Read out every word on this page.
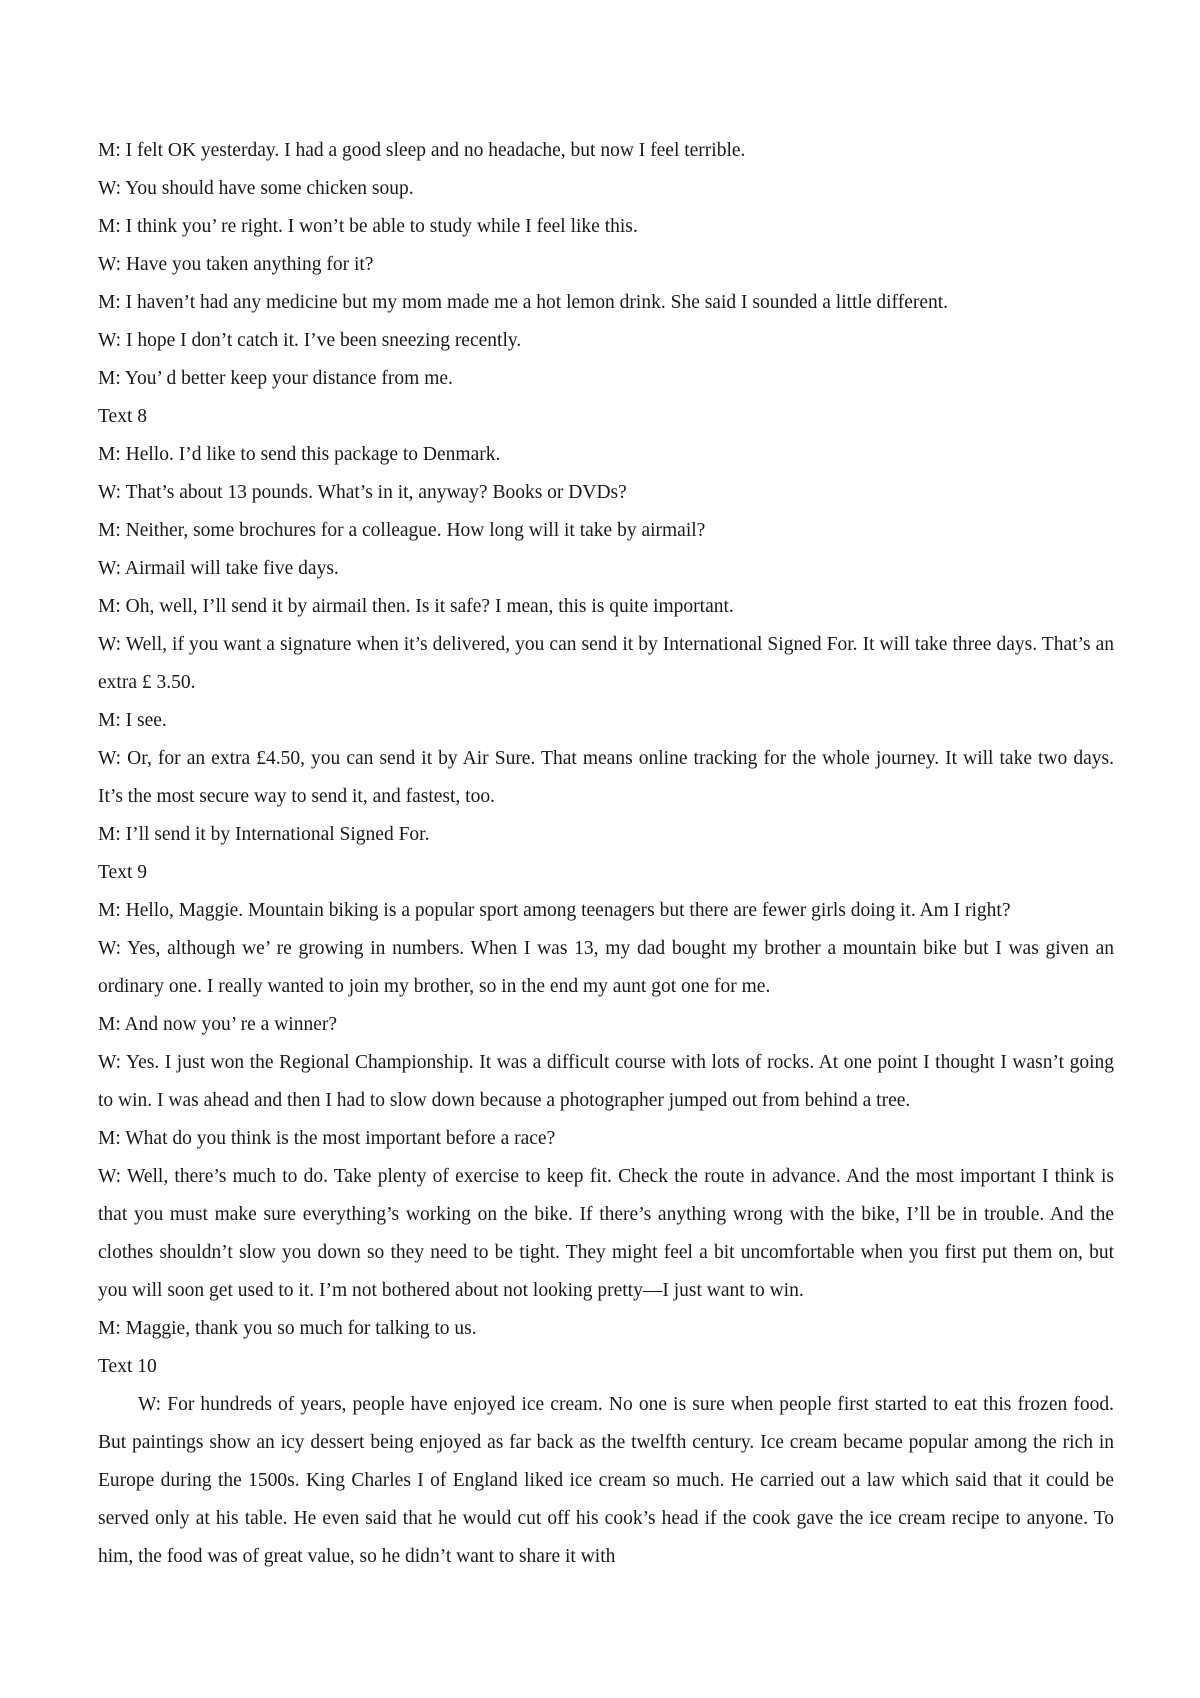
M: I felt OK yesterday. I had a good sleep and no headache, but now I feel terrible.
W: You should have some chicken soup.
M: I think you’ re right. I won’t be able to study while I feel like this.
W: Have you taken anything for it?
M: I haven’t had any medicine but my mom made me a hot lemon drink. She said I sounded a little different.
W: I hope I don’t catch it. I’ve been sneezing recently.
M: You’ d better keep your distance from me.
Text 8
M: Hello. I’d like to send this package to Denmark.
W: That’s about 13 pounds. What’s in it, anyway? Books or DVDs?
M: Neither, some brochures for a colleague. How long will it take by airmail?
W: Airmail will take five days.
M: Oh, well, I’ll send it by airmail then. Is it safe? I mean, this is quite important.

W: Well, if you want a signature when it’s delivered, you can send it by International Signed For. It will take three days. That’s an extra £ 3.50.

M: I see.

W: Or, for an extra £4.50, you can send it by Air Sure. That means online tracking for the whole journey. It will take two days. It’s the most secure way to send it, and fastest, too.

M: I’ll send it by International Signed For.
Text 9
M: Hello, Maggie. Mountain biking is a popular sport among teenagers but there are fewer girls doing it. Am I right?

W: Yes, although we’ re growing in numbers. When I was 13, my dad bought my brother a mountain bike but I was given an ordinary one. I really wanted to join my brother, so in the end my aunt got one for me.

M: And now you’ re a winner?

W: Yes. I just won the Regional Championship. It was a difficult course with lots of rocks. At one point I thought I wasn’t going to win. I was ahead and then I had to slow down because a photographer jumped out from behind a tree.

M: What do you think is the most important before a race?

W: Well, there’s much to do. Take plenty of exercise to keep fit. Check the route in advance. And the most important I think is that you must make sure everything’s working on the bike. If there’s anything wrong with the bike, I’ll be in trouble. And the clothes shouldn’t slow you down so they need to be tight. They might feel a bit uncomfortable when you first put them on, but you will soon get used to it. I’m not bothered about not looking pretty—I just want to win.

M: Maggie, thank you so much for talking to us.
Text 10

W: For hundreds of years, people have enjoyed ice cream. No one is sure when people first started to eat this frozen food. But paintings show an icy dessert being enjoyed as far back as the twelfth century. Ice cream became popular among the rich in Europe during the 1500s. King Charles I of England liked ice cream so much. He carried out a law which said that it could be served only at his table. He even said that he would cut off his cook’s head if the cook gave the ice cream recipe to anyone. To him, the food was of great value, so he didn’t want to share it with
